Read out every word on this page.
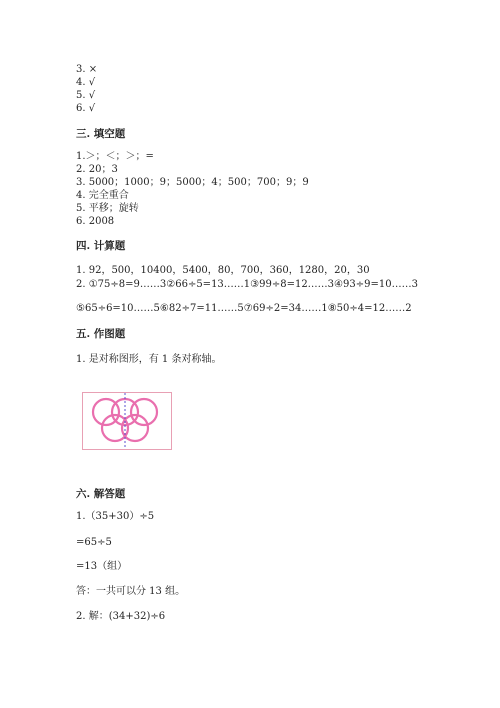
3. ×
4. √
5. √
6. √
三. 填空题
1.＞；＜；＞；=
2. 20；3
3. 5000；1000；9；5000；4；500；700；9；9
4. 完全重合
5. 平移；旋转
6. 2008
四. 计算题
1. 92，500，10400，5400，80，700，360，1280，20，30
2. ①75÷8=9……3②66÷5=13……1③99÷8=12……3④93÷9=10……3
⑤65÷6=10……5⑥82÷7=11……5⑦69÷2=34……1⑧50÷4=12……2
五. 作图题
1. 是对称图形，有 1 条对称轴。
六. 解答题
1.（35+30）÷5
=65÷5
=13（组）
答：一共可以分 13 组。
2. 解：(34+32)÷6
